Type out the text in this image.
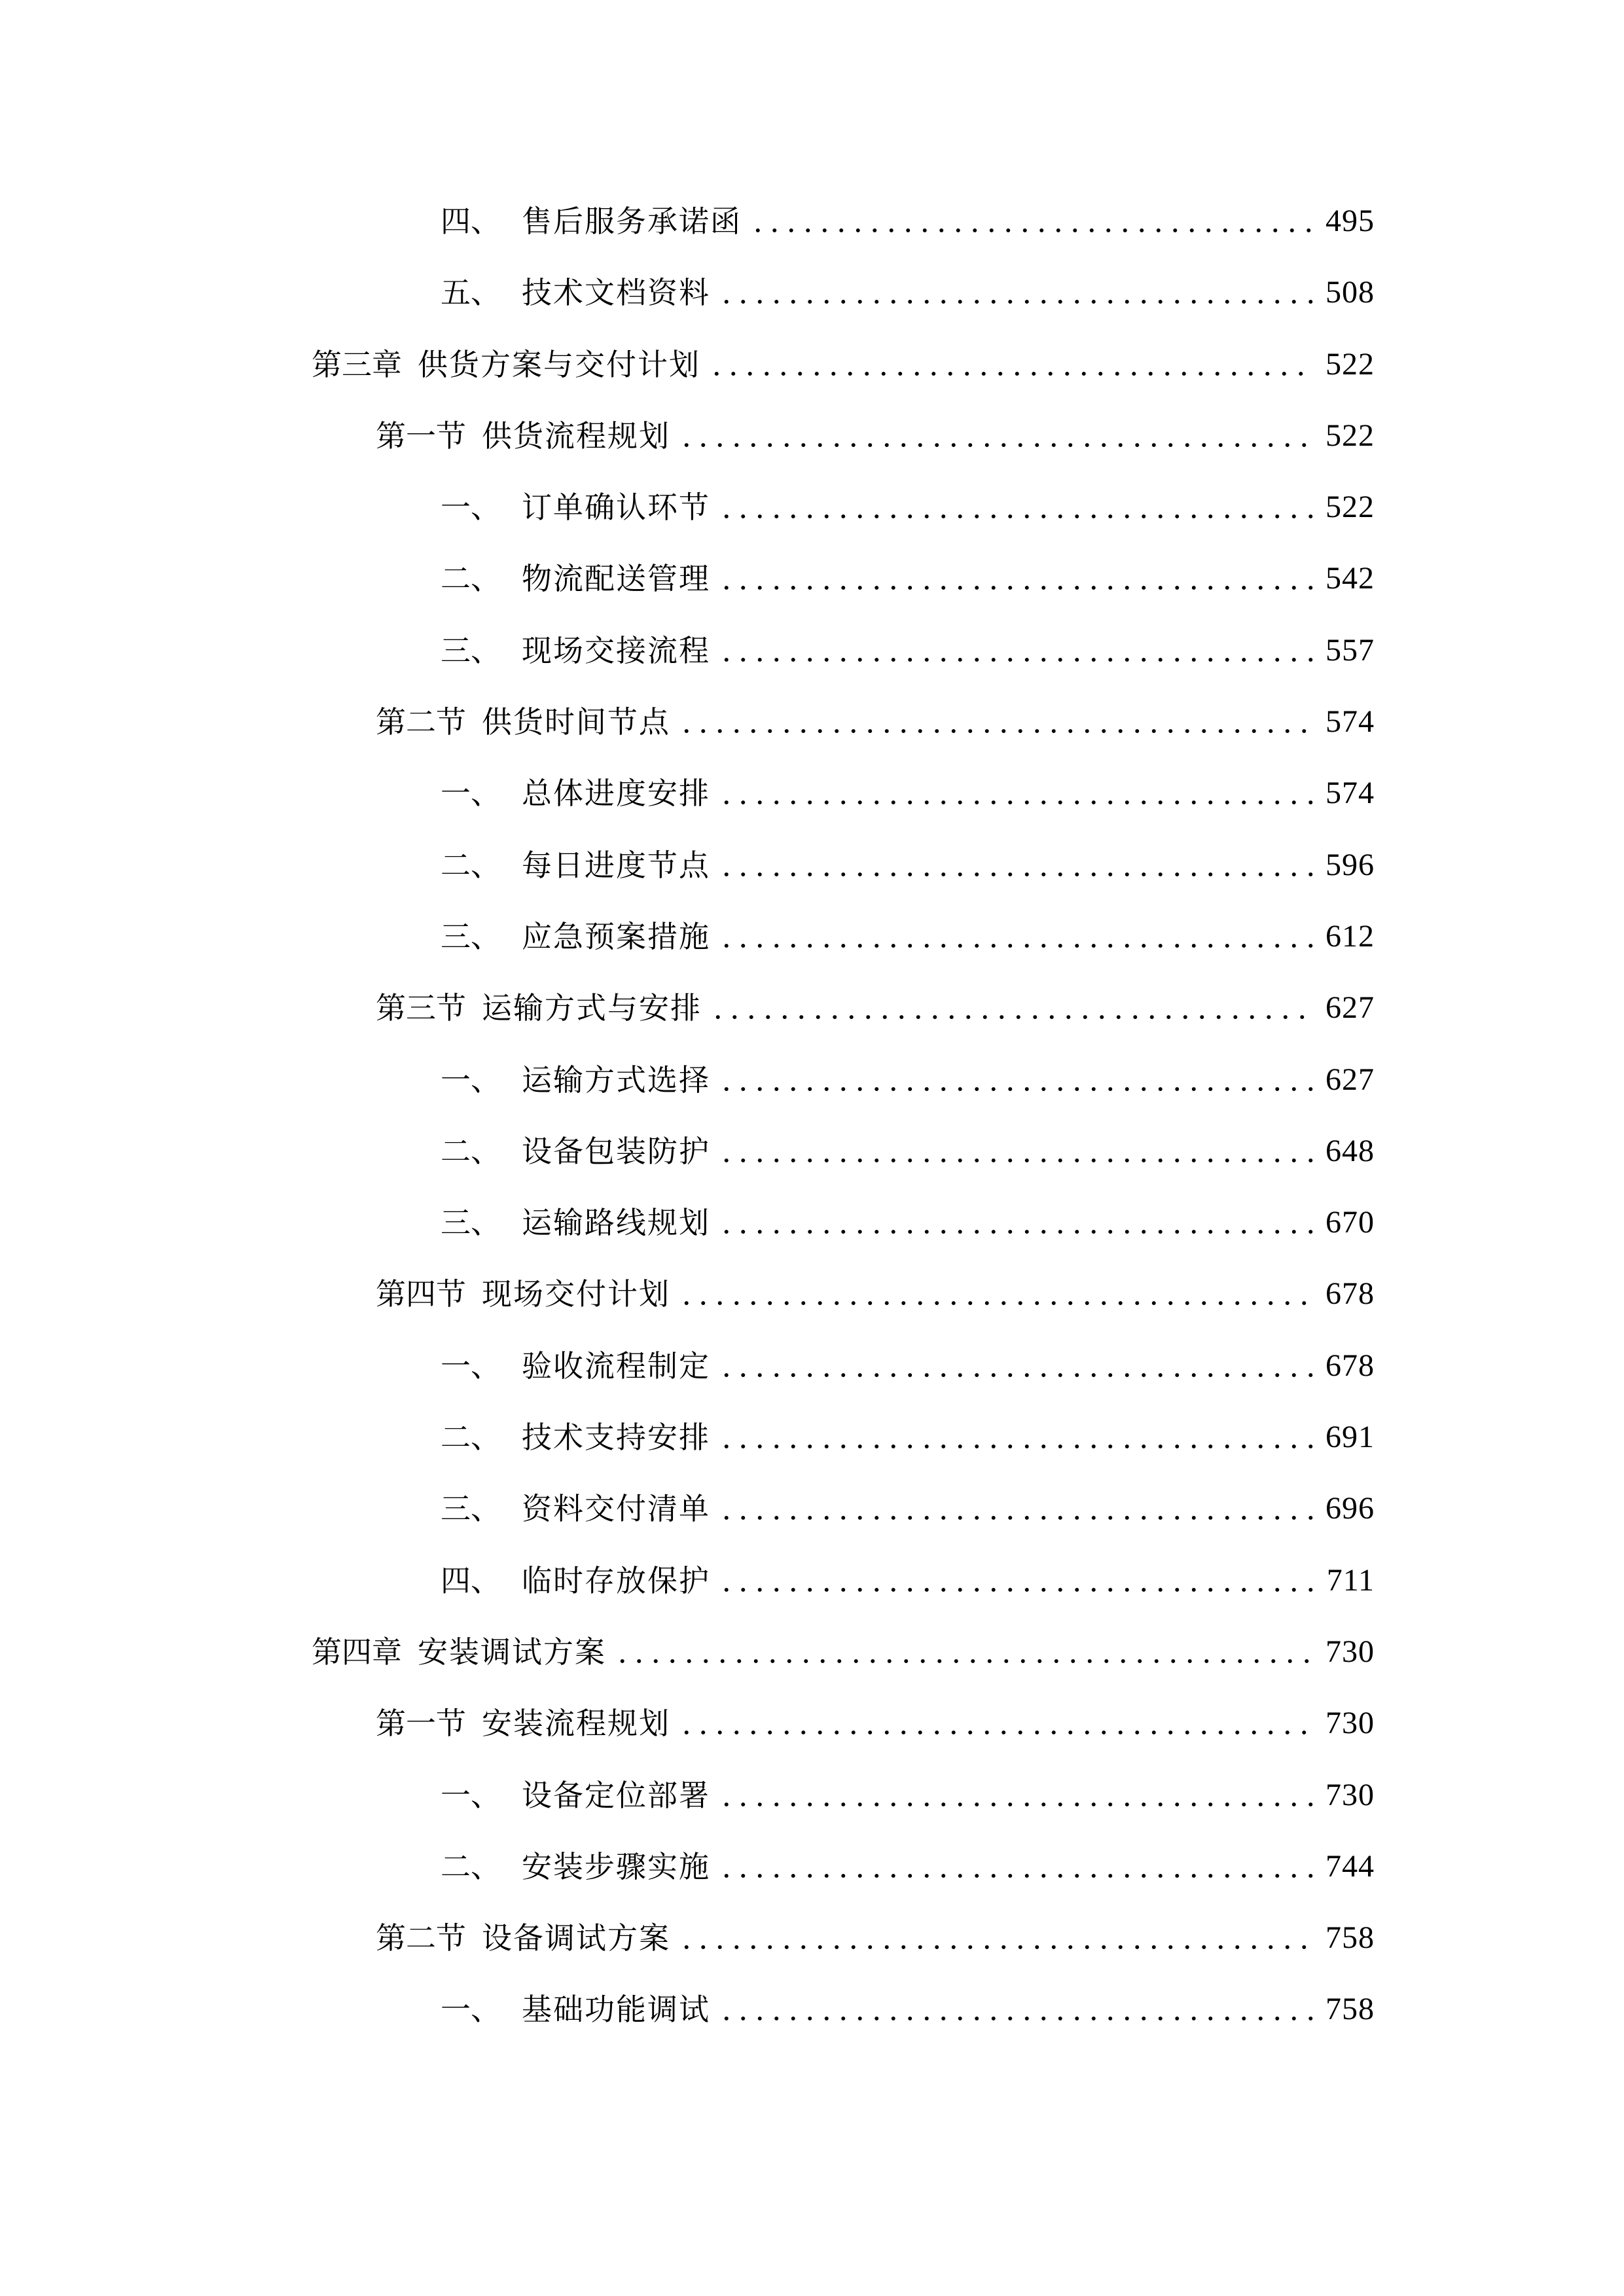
四、 售后服务承诺函	495
五、 技术文档资料	508
第三章 供货方案与交付计划	522
第一节 供货流程规划	522
一、 订单确认环节	522
二、 物流配送管理	542
三、 现场交接流程	557
第二节 供货时间节点	574
一、 总体进度安排	574
二、 每日进度节点	596
三、 应急预案措施	612
第三节 运输方式与安排	627
一、 运输方式选择	627
二、 设备包装防护	648
三、 运输路线规划	670
第四节 现场交付计划	678
一、 验收流程制定	678
二、 技术支持安排	691
三、 资料交付清单	696
四、 临时存放保护	711
第四章 安装调试方案	730
第一节 安装流程规划	730
一、 设备定位部署	730
二、 安装步骤实施	744
第二节 设备调试方案	758
一、 基础功能调试	758
